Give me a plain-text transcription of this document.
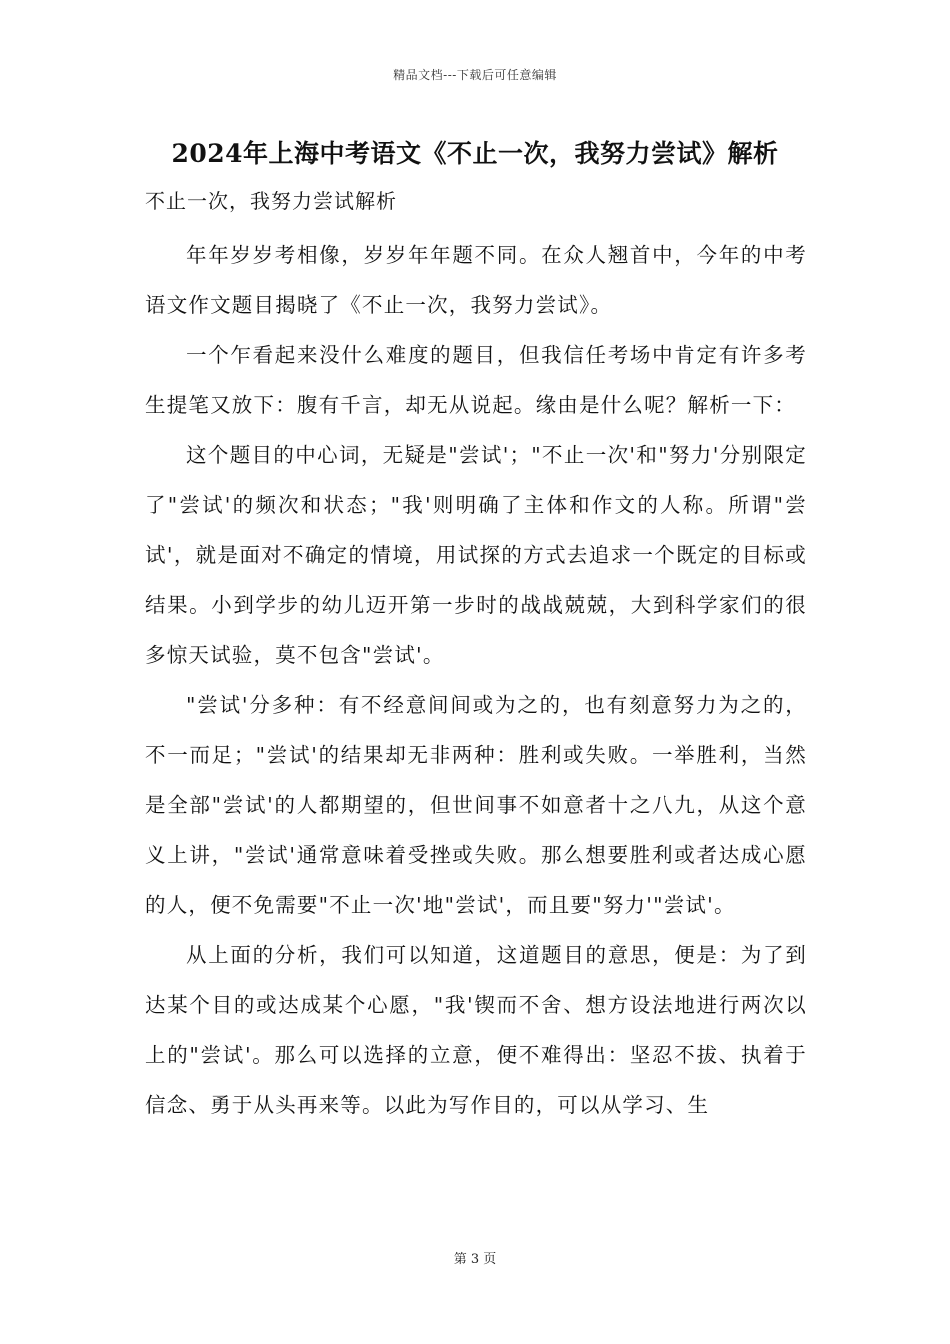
精品文档---下载后可任意编辑
2024年上海中考语文《不止一次，我努力尝试》解析
不止一次，我努力尝试解析

年年岁岁考相像，岁岁年年题不同。在众人翘首中，今年的中考语文作文题目揭晓了《不止一次，我努力尝试》。

一个乍看起来没什么难度的题目，但我信任考场中肯定有许多考生提笔又放下：腹有千言，却无从说起。缘由是什么呢？解析一下：

这个题目的中心词，无疑是"尝试'；"不止一次'和"努力'分别限定了"尝试'的频次和状态；"我'则明确了主体和作文的人称。所谓"尝试'，就是面对不确定的情境，用试探的方式去追求一个既定的目标或结果。小到学步的幼儿迈开第一步时的战战兢兢，大到科学家们的很多惊天试验，莫不包含"尝试'。

"尝试'分多种：有不经意间间或为之的，也有刻意努力为之的，不一而足；"尝试'的结果却无非两种：胜利或失败。一举胜利，当然是全部"尝试'的人都期望的，但世间事不如意者十之八九，从这个意义上讲，"尝试'通常意味着受挫或失败。那么想要胜利或者达成心愿的人，便不免需要"不止一次'地"尝试'，而且要"努力'"尝试'。

从上面的分析，我们可以知道，这道题目的意思，便是：为了到达某个目的或达成某个心愿，"我'锲而不舍、想方设法地进行两次以上的"尝试'。那么可以选择的立意，便不难得出：坚忍不拔、执着于信念、勇于从头再来等。以此为写作目的，可以从学习、生

第 3 页
